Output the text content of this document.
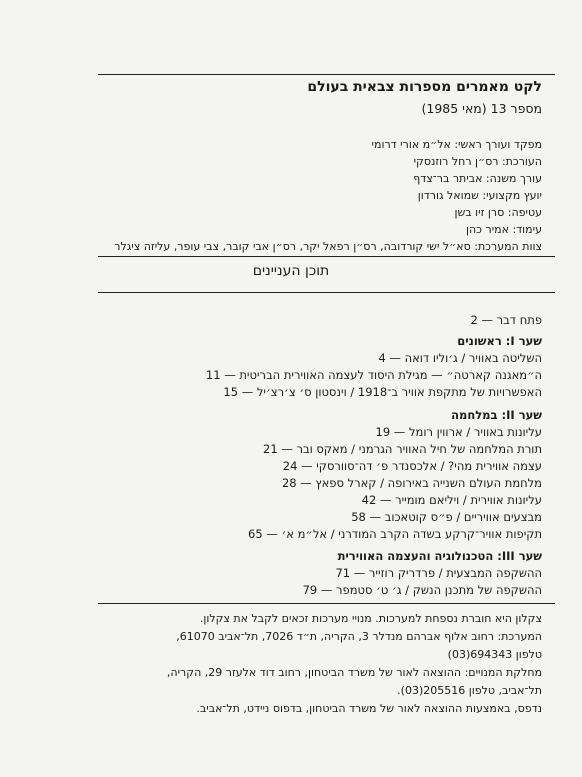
לקט מאמרים מספרות צבאית בעולם
מספר 13 (מאי 1985)
מפקד ועורך ראשי: אל״מ אורי דרומי
העורכת: רס״ן רחל רוזנסקי
עורך משנה: אביתר בר־צדף
יועץ מקצועי: שמואל גורדון
עטיפה: סרן זיו בשן
עימוד: אמיר כהן
צוות המערכת: סא״ל ישי קורדובה, רס״ן רפאל יקר, רס״ן אבי קובר, צבי עופר, עליזה ציגלר
תוכן העניינים
פתח דבר — 2
שער I: ראשונים
השליטה באוויר / ג׳וליו דואה — 4
ה״מאגנה קארטה״ — מגילת היסוד לעצמה האווירית הבריטית — 11
האפשרויות של מתקפת אוויר ב־1918 / וינסטון ס׳ צ׳רצ׳יל — 15
שער II: במלחמה
עליונות באוויר / ארווין רומל — 19
תורת המלחמה של חיל האוויר הגרמני / מאקס ובר — 21
עצמה אווירית מהי? / אלכסנדר פ׳ דה־סוורסקי — 24
מלחמת העולם השנייה באירופה / קארל ספאץ — 28
עליונות אווירית / ויליאם מומייר — 42
מבצעים אוויריים / פ״ס קוטאכוב — 58
תקיפות אוויר־קרקע בשדה הקרב המודרני / אל״מ א׳ — 65
שער III: הטכנולוגיה והעצמה האווירית
ההשקפה המבצעית / פרדריק רוזייר — 71
ההשקפה של מתכנן הנשק / ג׳ ט׳ סטמפר — 79
צקלון היא חוברת נספחת למערכות. מנויי מערכות זכאים לקבל את צקלון.
המערכת: רחוב אלוף אברהם מנדלר 3, הקריה, ת״ד 7026, תל־אביב 61070,
טלפון 694343(03)
מחלקת המנויים: ההוצאה לאור של משרד הביטחון, רחוב דוד אלעזר 29, הקריה,
תל־אביב, טלפון 205516(03).
נדפס, באמצעות ההוצאה לאור של משרד הביטחון, בדפוס ניידט, תל־אביב.
